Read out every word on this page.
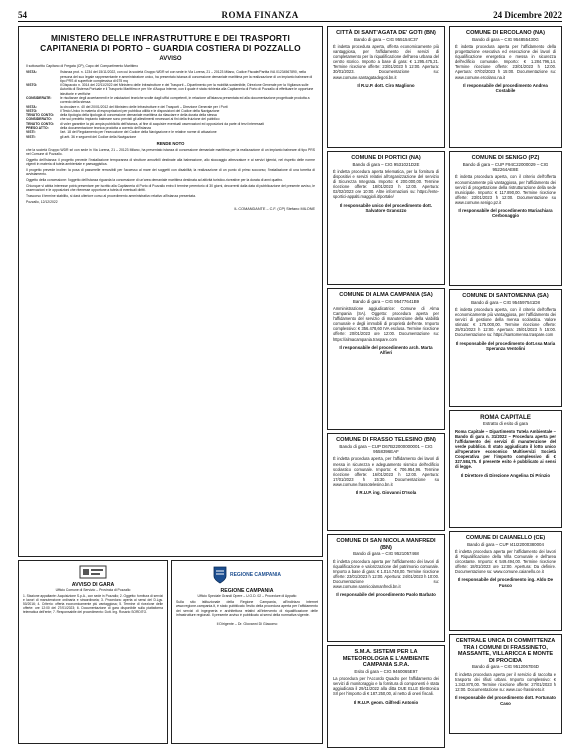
54	ROMA FINANZA	24 Dicembre 2022
MINISTERO DELLE INFRASTRUTTURE E DEI TRASPORTI
CAPITANERIA DI PORTO – GUARDIA COSTIERA DI POZZALLO
AVVISO
Il sottoscritto Capitano di Fregata (CP), Capo del Compartimento Marittimo
VISTA:	l'istanza prot. n. 1234 del 15/11/2022, con cui la società Gruppo WDR srl con sede in Via Lorena, 21 – 20123 Milano, Codice Fiscale/Partita IVA 01234567890, nella persona del suo legale rappresentante e amministratore unico, ha presentato istanza di concessione demaniale marittima per la realizzazione di un impianto balneare di tipo PRS di superficie complessiva di 675 mq
VISTO:	il Dispaccio n. 3014 del 22/11/2022 del Ministero delle Infrastrutture e dei Trasporti – Dipartimento per la mobilità sostenibile, Direzione Generale per la Vigilanza sulle Autorità di Sistema Portuale e il Trasporto Marittimo e per Vie d'Acqua Interne, con il quale è stata richiesta alla Capitaneria di Porto di Pozzallo di effettuare le opportune istruttorie e verifiche
CONSIDERATE:	le risultanze degli accertamenti e le valutazioni tecniche svolte dagli uffici competenti, in relazione all'istanza presentata ed alla documentazione progettuale prodotta a corredo della stessa
VISTA:	la circolare n. 40 del 20/01/2012 del Ministero delle Infrastrutture e dei Trasporti – Direzione Generale per i Porti
VISTO:	il Testo Unico in materia di espropriazioni per pubblica utilità e le disposizioni del Codice della Navigazione
TENUTO CONTO:	della tipologia della tipologia di concessione demaniale marittima da rilasciare e della durata della stessa
CONSIDERATO:	che sul predetto impianto balneare sono previsti gli allestimenti necessari ai fini della fruizione del pubblico
TENUTO CONTO:	di voler garantire la più ampia pubblicità dell'istanza, al fine di acquisire eventuali osservazioni ed opposizioni da parte di terzi interessati
PRESO ATTO:	della documentazione tecnica prodotta a corredo dell'istanza
VISTI:	l'art. 18 del Regolamento per l'esecuzione del Codice della Navigazione e le relative norme di attuazione
VISTI:	gli artt. 36 e seguenti del Codice della Navigazione
RENDE NOTO
che la società Gruppo WDR srl con sede in Via Lorena, 21 – 20123 Milano, ha presentato istanza di concessione demaniale marittima per la realizzazione di un impianto balneare di tipo PRS nel Comune di Pozzallo.
Oggetto dell'istanza: il progetto prevede l'installazione temporanea di strutture amovibili destinate alla balneazione, allo stoccaggio attrezzature e ai servizi igienici, nel rispetto delle norme vigenti in materia di tutela ambientale e paesaggistica.
Il progetto prevede inoltre: la posa di passerelle removibili per l'accesso al mare dei soggetti con disabilità; la realizzazione di un punto di primo soccorso; l'installazione di una torretta di avvistamento.
Oggetto della concessione: l'oggetto dell'istanza riguarda la concessione di un'area demaniale marittima destinata ad attività turistico-ricreative per la durata di anni quattro.
Chiunque vi abbia interesse potrà presentare per iscritto alla Capitaneria di Porto di Pozzallo entro il termine perentorio di 30 giorni, decorrenti dalla data di pubblicazione del presente avviso, le osservazioni e le opposizioni che ritenesse opportune a tutela di eventuali diritti.
Trascorso il termine stabilito, si darà ulteriore corso al procedimento amministrativo relativo all'istanza presentata.
Pozzallo, 12/12/2022
IL COMANDANTE – C.F. (CP) Stefano MILONE
AVVISO DI GARA
Ufficio Comune di Servizio – Provincia di Pozzallo
1. Stazione appaltante: Acquisizione S.p.A., con sede in Pozzallo; 2. Oggetto: fornitura di servizi e lavori di manutenzione ordinaria e straordinaria; 3. Procedura: aperta ai sensi del D.Lgs. 50/2016; 4. Criterio: offerta economicamente più vantaggiosa; 5. Termine di ricezione delle offerte: ore 12:00 del 27/01/2023; 6. Documentazione di gara disponibile sulla piattaforma telematica dell'ente; 7. Responsabile del procedimento: Dott. Ing. Rosario SORDITO.
REGIONE CAMPANIA
REGIONE CAMPANIA
Ufficio Speciale Grandi Opere – U.O.D. 02 – Procedure di Appalto
Sulla sito istituzionale della Regione Campania, all'indirizzo internet www.regione.campania.it, è stato pubblicato l'esito della procedura aperta per l'affidamento dei servizi di ingegneria e architettura relativi all'intervento di riqualificazione delle infrastrutture regionali. Il presente avviso è pubblicato ai sensi della normativa vigente.
Il Dirigente – Dr. Giovanni Di Giacomo
CITTÀ DI SANT'AGATA DE' GOTI (BN)
Bando di gara – CIG 955154C37
È indetta procedura aperta, offerta economicamente più vantaggiosa, per l'affidamento dei servizi di completamento per la riqualificazione dell'area urbana del centro storico. Importo a base di gara: € 1.295.475,21. Termine ricezione offerte: 23/01/2023 h 12:00. Apertura: 30/01/2023. Documentazione su: www.comune.santagatadegoti.bn.it
Il R.U.P. dott. Ciro Magliono
COMUNE DI PORTICI (NA)
Bando di gara – CIG 9531021D2E
È indetta procedura aperta telematica, per la fornitura di dispositivi e servizi relativi all'organizzazione del servizio di Sicurezza Integrata. Importo: € 200.000,00. Termine ricezione offerte: 18/01/2023 h 12:00. Apertura: 02/02/2023 ore 10:00. Altre informazioni su: https://ente-sportici-appalti.maggioli.it/portale/
Il responsabile unico del procedimento dott. Salvatore Granozzo
COMUNE DI ALMA CAMPANIA (SA)
Bando di gara – CIG 95477641B9
Amministrazione aggiudicatrice: Comune di Alma Campania (SA). Oggetto: procedura aperta per l'affidamento del servizio di manutenzione della viabilità comunale e degli immobili di proprietà dell'ente. Importo complessivo: € 356.478,60 IVA esclusa. Termine ricezione offerte: 20/01/2023 ore 12:00. Documentazione su: https://almacampania.traspare.com
Il responsabile del procedimento arch. Marta Alfieri
COMUNE DI FRASSO TELESINO (BN)
Bando di gara – CUP D67B22000000001 – CIG 9558396EAF
È indetta procedura aperta, per l'affidamento dei lavori di messa in sicurezza e adeguamento sismico dell'edificio scolastico comunale. Importo: € 706.954,96. Termine ricezione offerte: 16/01/2023 h 12:00. Apertura: 17/01/2023 h 15:30. Documentazione su www.comune.frassotelesino.bn.it
Il R.U.P. ing. Giovanni D'Isola
COMUNE DI SAN NICOLA MANFREDI (BN)
Bando di gara – CIG 9521057468
È indetta procedura aperta per l'affidamento dei lavori di riqualificazione e valorizzazione del patrimonio comunale. Importo a base di gara: € 1.014.748,00. Termine ricezione offerte: 23/01/2023 h 12:00. Apertura: 24/01/2023 h 10:00. Documentazione su: www.comune.sannicolamanfredi.bn.it
Il responsabile del procedimento Paolo Barbato
S.M.A. SISTEMI PER LA METEOROLOGIA E L'AMBIENTE CAMPANIA S.P.A.
Esito di gara – CIG 9460065E97
La procedura per l'Accordo Quadro per l'affidamento dei servizi di monitoraggio e la fornitura di componenti è stata aggiudicata il 29/11/2022 alla ditta DUE ELLE Elettronica Srl per l'importo di € 187.250,00, al netto di oneri fiscali.
Il R.U.P. geom. Gilfredi Antonio
COMUNE DI ERCOLANO (NA)
Bando di gara – CIG 954855430G
È indetta procedura aperta per l'affidamento della progettazione esecutiva ed esecuzione dei lavori di riqualificazione energetica e messa in sicurezza dell'edificio comunale. Importo: € 1.284.796,14. Termine ricezione offerte: 23/01/2023 h 12:00. Apertura: 07/02/2023 h 15:00. Documentazione su: www.comune.ercolano.na.it
Il responsabile del procedimento Andrea Costabile
COMUNE DI SENIGO (PZ)
Bando di gara – CUP F94C22000029 – CIG 952264AE8E
È indetta procedura aperta, con il criterio dell'offerta economicamente più vantaggiosa, per l'affidamento dei servizi di progettazione della ristrutturazione della sede municipale. Importo: € 117.890,00. Termine ricezione offerte: 23/01/2023 h 12:00. Documentazione su www.comune.senigo.pz.it
Il responsabile del procedimento Mariachiara Cerbonaggio
COMUNE DI SANTOMENNA (SA)
Bando di gara – CIG 954597541D8
È indetta procedura aperta, con il criterio dell'offerta economicamente più vantaggiosa, per l'affidamento dei servizi di gestione della mensa scolastica. Valore stimato: € 175.000,00. Termine ricezione offerte: 25/01/2023 h 12:00. Apertura: 25/01/2023 h 15:00. Documentazione su: https://santomenna.traspare.com
Il responsabile del procedimento dott.ssa Maria Speranza Ventolini
ROMA CAPITALE
Estratto di esito di gara
Roma Capitale – Dipartimento Tutela Ambientale – Bando di gara n. 31/2022 – Procedura aperta per l'affidamento dei servizi di manutenzione del verde pubblico. È stato aggiudicato il lotto unico all'operatore economico Multiservizi Società Cooperativa per l'importo complessivo di € 327.584,75. Il presente esito è pubblicato ai sensi di legge.
Il Direttore di Direzione Angelina Di Prinzio
COMUNE DI CAIANELLO (CE)
Bando di gara – CUP I41I22000380004
È indetta procedura aperta per l'affidamento dei lavori di Riqualificazione della Villa Comunale e dell'area circostante. Importo: € 549.494,00. Termine ricezione offerte: 18/01/2023 ore 12:00. Apertura: Da definire. Documentazione su: www.comune.caianello.ce.it
Il responsabile del procedimento ing. Aldo De Fusco
CENTRALE UNICA DI COMMITTENZA TRA I COMUNI DI FRASSINETO, MASSANTE, VILLARICCA E MONTE DI PROCIDA
Bando di gara – CIG 9512067E6D
È indetta procedura aperta per il servizio di raccolta e trasporto dei rifiuti urbani. Importo complessivo: € 1.342.870,00. Termine ricezione offerte: 27/01/2023 h 12:00. Documentazione su: www.cuc-frassineto.it
Il responsabile del procedimento dott. Fortunato Caso
